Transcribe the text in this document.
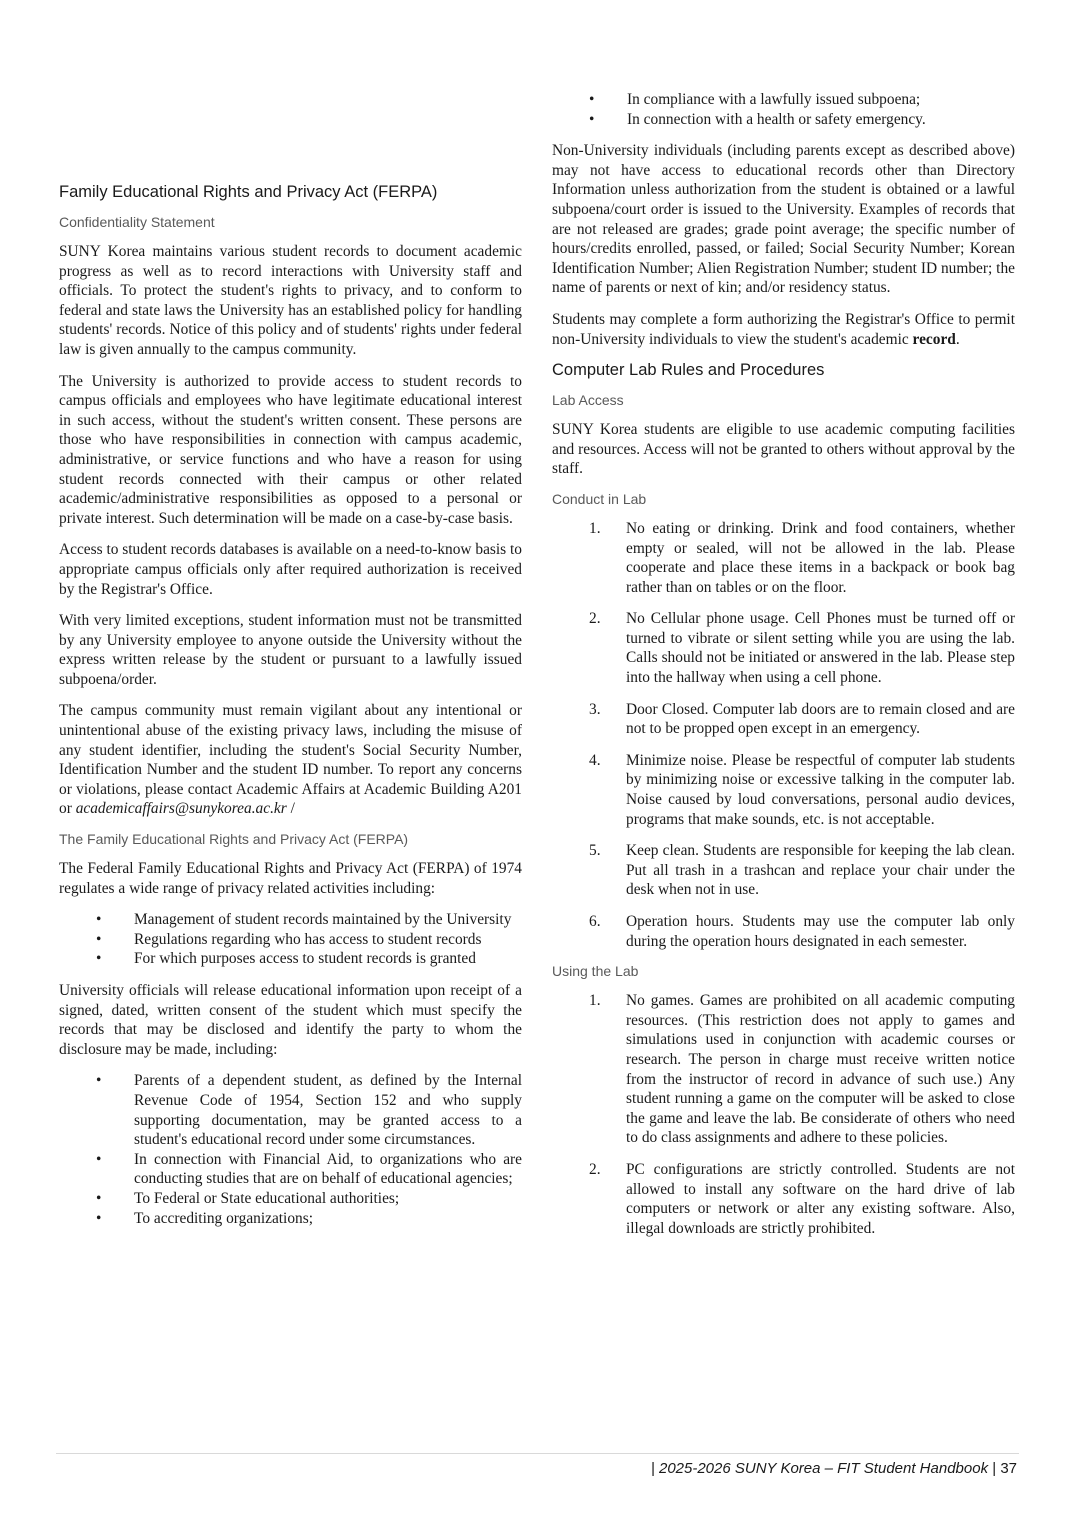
Family Educational Rights and Privacy Act (FERPA)
Confidentiality Statement

SUNY Korea maintains various student records to document academic progress as well as to record interactions with University staff and officials. To protect the student's rights to privacy, and to conform to federal and state laws the University has an established policy for handling students' records. Notice of this policy and of students' rights under federal law is given annually to the campus community.

The University is authorized to provide access to student records to campus officials and employees who have legitimate educational interest in such access, without the student's written consent. These persons are those who have responsibilities in connection with campus academic, administrative, or service functions and who have a reason for using student records connected with their campus or other related academic/administrative responsibilities as opposed to a personal or private interest. Such determination will be made on a case-by-case basis.

Access to student records databases is available on a need-to-know basis to appropriate campus officials only after required authorization is received by the Registrar's Office.

With very limited exceptions, student information must not be transmitted by any University employee to anyone outside the University without the express written release by the student or pursuant to a lawfully issued subpoena/order.

The campus community must remain vigilant about any intentional or unintentional abuse of the existing privacy laws, including the misuse of any student identifier, including the student's Social Security Number, Identification Number and the student ID number. To report any concerns or violations, please contact Academic Affairs at Academic Building A201 or academicaffairs@sunykorea.ac.kr /

The Family Educational Rights and Privacy Act (FERPA)

The Federal Family Educational Rights and Privacy Act (FERPA) of 1974 regulates a wide range of privacy related activities including:

• Management of student records maintained by the University
• Regulations regarding who has access to student records
• For which purposes access to student records is granted

University officials will release educational information upon receipt of a signed, dated, written consent of the student which must specify the records that may be disclosed and identify the party to whom the disclosure may be made, including:

• Parents of a dependent student, as defined by the Internal Revenue Code of 1954, Section 152 and who supply supporting documentation, may be granted access to a student's educational record under some circumstances.
• In connection with Financial Aid, to organizations who are conducting studies that are on behalf of educational agencies;
• To Federal or State educational authorities;
• To accrediting organizations;
• In compliance with a lawfully issued subpoena;
• In connection with a health or safety emergency.

Non-University individuals (including parents except as described above) may not have access to educational records other than Directory Information unless authorization from the student is obtained or a lawful subpoena/court order is issued to the University. Examples of records that are not released are grades; grade point average; the specific number of hours/credits enrolled, passed, or failed; Social Security Number; Korean Identification Number; Alien Registration Number; student ID number; the name of parents or next of kin; and/or residency status.

Students may complete a form authorizing the Registrar's Office to permit non-University individuals to view the student's academic record.

Computer Lab Rules and Procedures
Lab Access

SUNY Korea students are eligible to use academic computing facilities and resources. Access will not be granted to others without approval by the staff.

Conduct in Lab
1. No eating or drinking. Drink and food containers, whether empty or sealed, will not be allowed in the lab. Please cooperate and place these items in a backpack or book bag rather than on tables or on the floor.
2. No Cellular phone usage. Cell Phones must be turned off or turned to vibrate or silent setting while you are using the lab. Calls should not be initiated or answered in the lab. Please step into the hallway when using a cell phone.
3. Door Closed. Computer lab doors are to remain closed and are not to be propped open except in an emergency.
4. Minimize noise. Please be respectful of computer lab students by minimizing noise or excessive talking in the computer lab. Noise caused by loud conversations, personal audio devices, programs that make sounds, etc. is not acceptable.
5. Keep clean. Students are responsible for keeping the lab clean. Put all trash in a trashcan and replace your chair under the desk when not in use.
6. Operation hours. Students may use the computer lab only during the operation hours designated in each semester.
Using the Lab
1. No games. Games are prohibited on all academic computing resources. (This restriction does not apply to games and simulations used in conjunction with academic courses or research. The person in charge must receive written notice from the instructor of record in advance of such use.) Any student running a game on the computer will be asked to close the game and leave the lab. Be considerate of others who need to do class assignments and adhere to these policies.
2. PC configurations are strictly controlled. Students are not allowed to install any software on the hard drive of lab computers or network or alter any existing software. Also, illegal downloads are strictly prohibited.
| 2025-2026 SUNY Korea – FIT Student Handbook | 37
